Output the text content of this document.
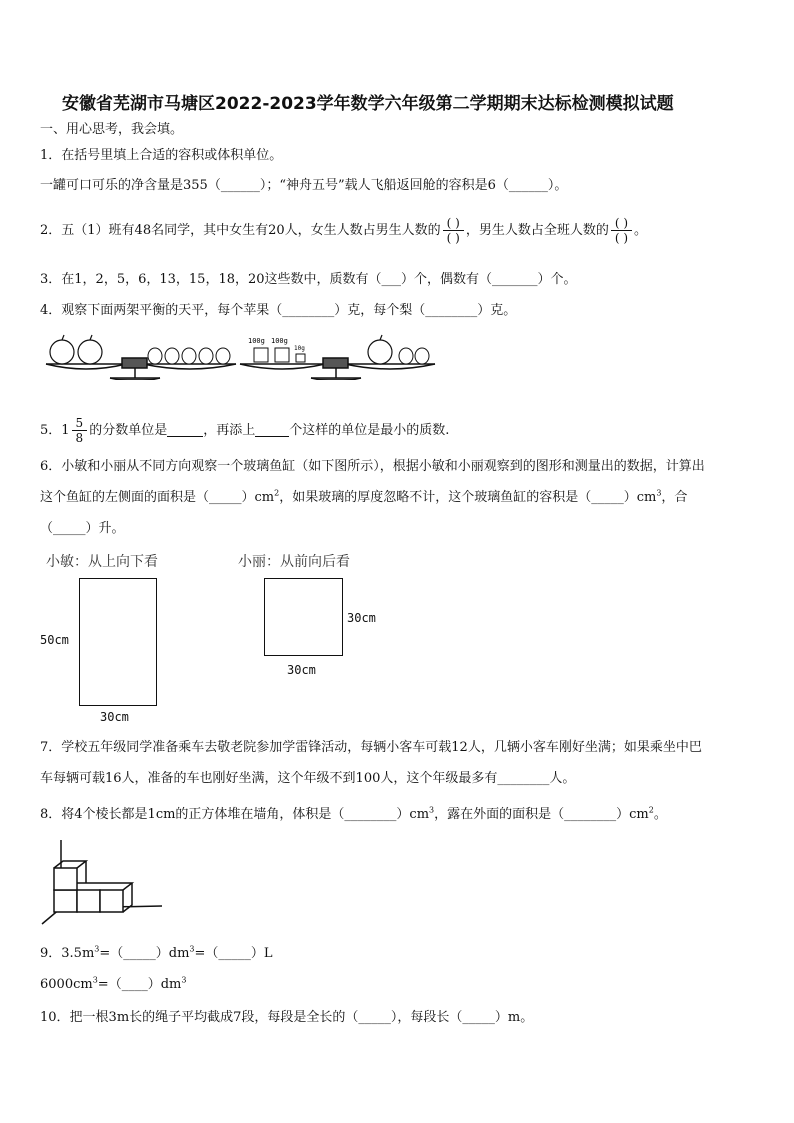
安徽省芜湖市马塘区2022-2023学年数学六年级第二学期期末达标检测模拟试题
一、用心思考，我会填。
1．在括号里填上合适的容积或体积单位。
一罐可口可乐的净含量是355（______）；“神舟五号”载人飞船返回舱的容积是6（______）。
2．五（1）班有48名同学，其中女生有20人，女生人数占男生人数的 $\frac{( )}{( )}$ ，男生人数占全班人数的 $\frac{( )}{( )}$ 。
3．在1，2，5，6，13，15，18，20这些数中，质数有（___）个，偶数有（_______）个。
4．观察下面两架平衡的天平，每个苹果（________）克，每个梨（________）克。
100g 100g
10g
5．$1 \frac{5}{8}$ 的分数单位是	，再添上	个这样的单位是最小的质数.
6．小敏和小丽从不同方向观察一个玻璃鱼缸（如下图所示），根据小敏和小丽观察到的图形和测量出的数据，计算出
这个鱼缸的左侧面的面积是$(\_\_\_\_\_)cm^2$，如果玻璃的厚度忽略不计，这个玻璃鱼缸的容积是$(\_\_\_\_\_)cm^3$，合
（_____）升。
小敏：从上向下看	小丽：从前向后看
50cm
30cm
30cm
30cm
7．学校五年级同学准备乘车去敬老院参加学雷锋活动，每辆小客车可载12人，几辆小客车刚好坐满；如果乘坐中巴
车每辆可载16人，准备的车也刚好坐满，这个年级不到100人，这个年级最多有________人。
8．将4个棱长都是1cm的正方体堆在墙角，体积是$(\_\_\_\_\_\_\_\_)cm^3$，露在外面的面积是$(\_\_\_\_\_\_\_\_)cm^2$。
9．$3.5m^3=(\_\_\_\_\_)dm^3=(\_\_\_\_\_)L$
$6000cm^3=(\_\_\_\_)dm^3$
10．把一根3m长的绳子平均截成7段，每段是全长的（_____），每段长（_____）m。
